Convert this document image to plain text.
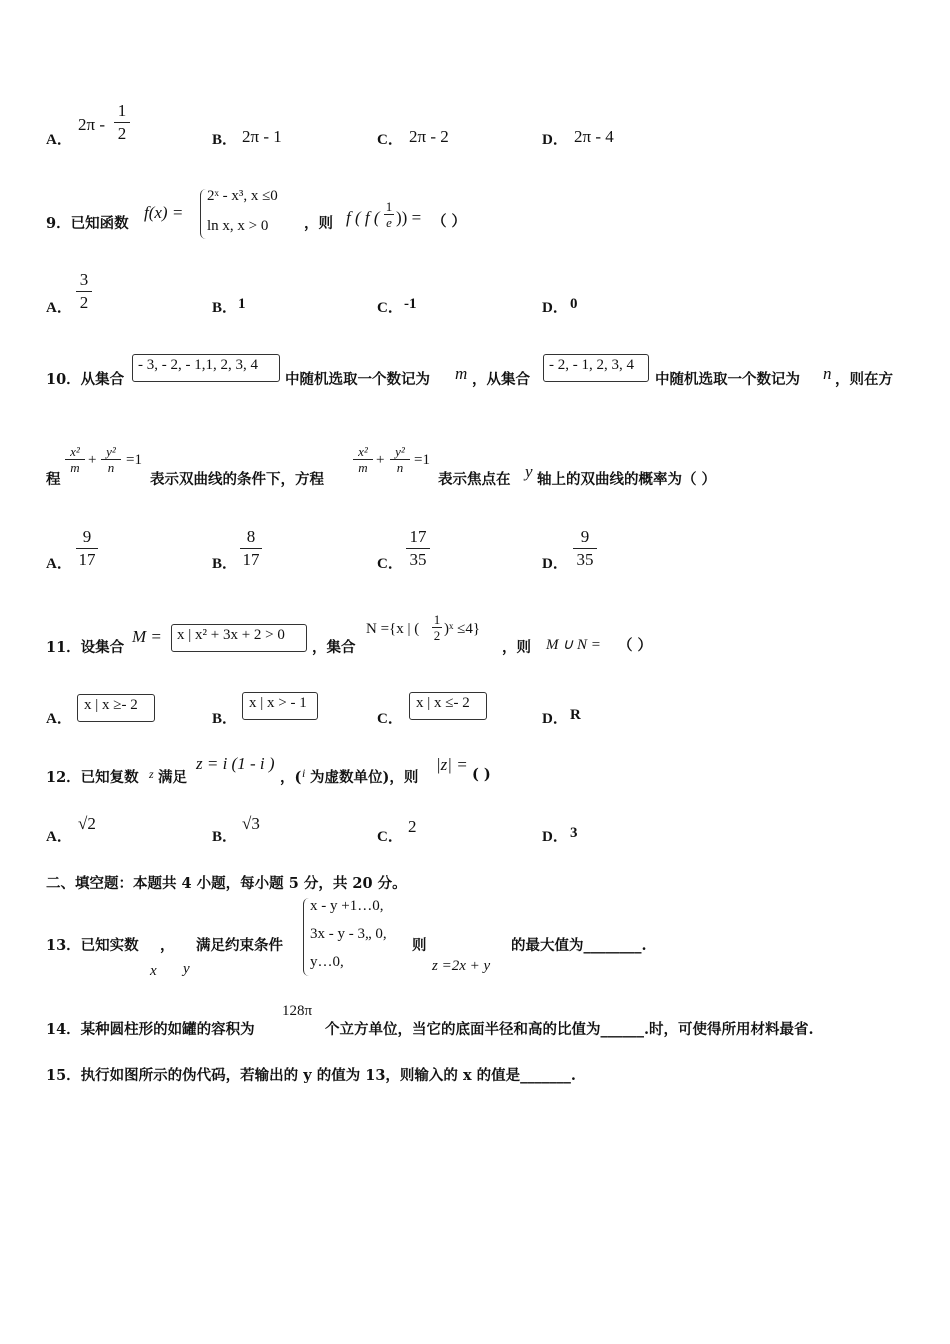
A．
2π -
1
2	B． 2π - 1	C． 2π - 2	D． 2π - 4
9．已知函数
f(x) =
2ˣ - x³, x ≤0
ln x, x > 0 ，则 f ( f (
1
e )) = （ ）
A．
3
2	B． 1	C． -1	D． 0
10．从集合
- 3, - 2, - 1,1, 2, 3, 4
中随机选取一个数记为 m ，从集合
- 2, - 1, 2, 3, 4
中随机选取一个数记为 n ，则在方
程
x²
m +
y²
n =1
表示双曲线的条件下，方程
x²
m +
y²
n =1
表示焦点在 y 轴上的双曲线的概率为（ ）
A．
9
17	B．
8
17	C．
17
35	D．
9
35
11．设集合
M = x | x² + 3x + 2 > 0
，集合
N ={x | (
1
2 )ˣ ≤4}
，则 M ∪ N = （ ）
A．
x | x ≥- 2
B．
x | x > - 1
C．
x | x ≤- 2
D． R
12．已知复数 z 满足
z = i (1 - i )
，( i 为虚数单位)，则
|z| =
( )
A．
√2
B．
√3
C．
2
D． 3
二、填空题：本题共 4 小题，每小题 5 分，共 20 分。
13．已知实数 ，
x y
满足约束条件
x - y +1…0,
3x - y - 3„ 0,
y…0,
则
z =2x + y
的最大值为________.
14．某种圆柱形的如罐的容积为
128π
个立方单位，当它的底面半径和高的比值为______.时，可使得所用材料最省.
15．执行如图所示的伪代码，若输出的 y 的值为 13，则输入的 x 的值是_______.
